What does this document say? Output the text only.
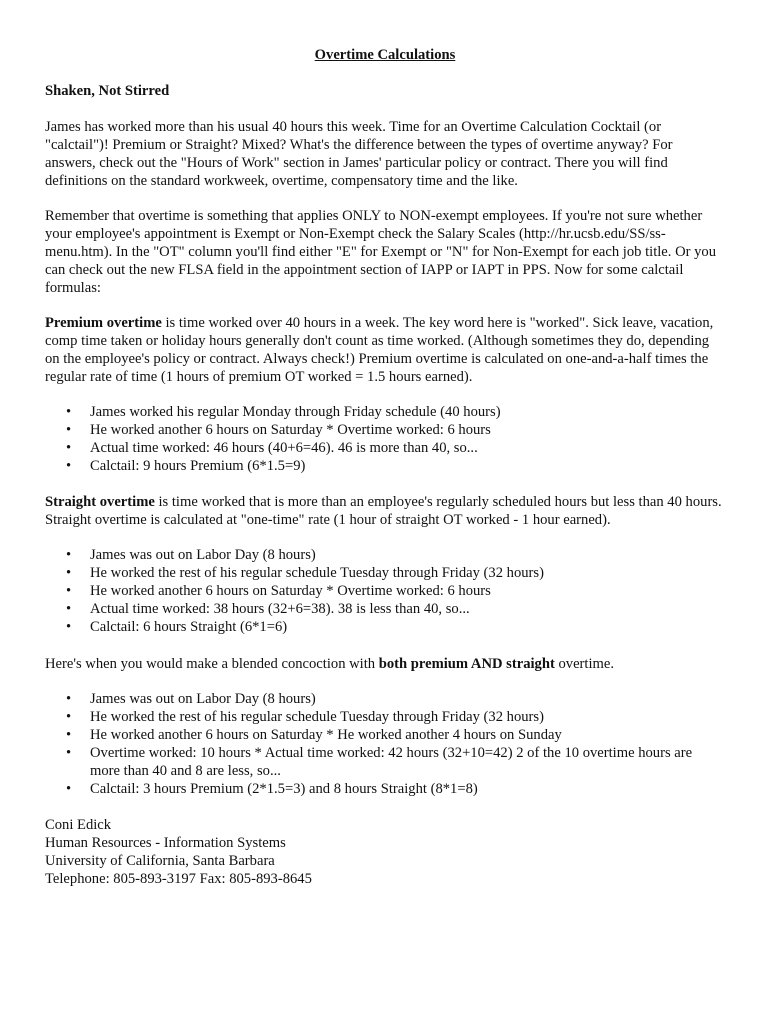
Overtime Calculations
Shaken, Not Stirred
James has worked more than his usual 40 hours this week. Time for an Overtime Calculation Cocktail (or "calctail")! Premium or Straight? Mixed? What's the difference between the types of overtime anyway? For answers, check out the "Hours of Work" section in James' particular policy or contract. There you will find definitions on the standard workweek, overtime, compensatory time and the like.
Remember that overtime is something that applies ONLY to NON-exempt employees. If you're not sure whether your employee's appointment is Exempt or Non-Exempt check the Salary Scales (http://hr.ucsb.edu/SS/ss-menu.htm). In the "OT" column you'll find either "E" for Exempt or "N" for Non-Exempt for each job title. Or you can check out the new FLSA field in the appointment section of IAPP or IAPT in PPS. Now for some calctail formulas:
Premium overtime is time worked over 40 hours in a week. The key word here is "worked". Sick leave, vacation, comp time taken or holiday hours generally don't count as time worked. (Although sometimes they do, depending on the employee's policy or contract. Always check!) Premium overtime is calculated on one-and-a-half times the regular rate of time (1 hours of premium OT worked = 1.5 hours earned).
• James worked his regular Monday through Friday schedule (40 hours)
• He worked another 6 hours on Saturday * Overtime worked: 6 hours
• Actual time worked: 46 hours (40+6=46). 46 is more than 40, so...
• Calctail: 9 hours Premium (6*1.5=9)
Straight overtime is time worked that is more than an employee's regularly scheduled hours but less than 40 hours. Straight overtime is calculated at "one-time" rate (1 hour of straight OT worked - 1 hour earned).
• James was out on Labor Day (8 hours)
• He worked the rest of his regular schedule Tuesday through Friday (32 hours)
• He worked another 6 hours on Saturday * Overtime worked: 6 hours
• Actual time worked: 38 hours (32+6=38). 38 is less than 40, so...
• Calctail: 6 hours Straight (6*1=6)
Here's when you would make a blended concoction with both premium AND straight overtime.
• James was out on Labor Day (8 hours)
• He worked the rest of his regular schedule Tuesday through Friday (32 hours)
• He worked another 6 hours on Saturday * He worked another 4 hours on Sunday
• Overtime worked: 10 hours * Actual time worked: 42 hours (32+10=42) 2 of the 10 overtime hours are more than 40 and 8 are less, so...
• Calctail: 3 hours Premium (2*1.5=3) and 8 hours Straight (8*1=8)
Coni Edick
Human Resources - Information Systems
University of California, Santa Barbara
Telephone: 805-893-3197 Fax: 805-893-8645
